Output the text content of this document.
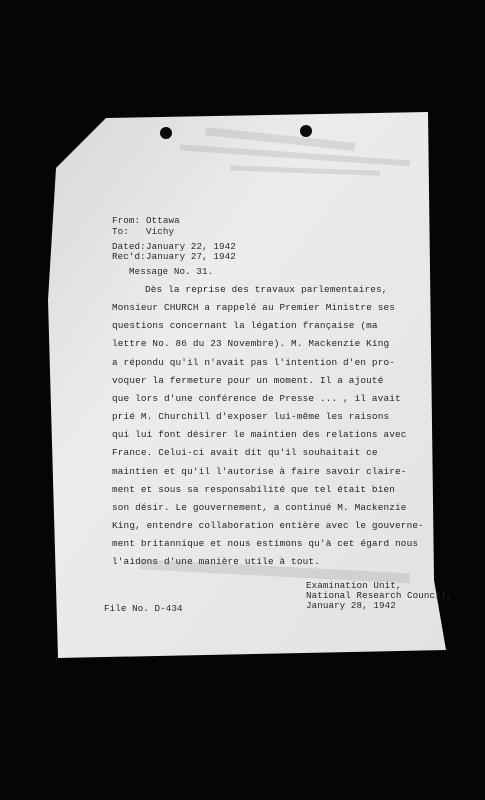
From: Ottawa
To: Vichy
Dated: January 22, 1942
Rec'd: January 27, 1942
Message No. 31.
Dès la reprise des travaux parlementaires,
Monsieur CHURCH a rappelé au Premier Ministre ses
questions concernant la légation française (ma
lettre No. 86 du 23 Novembre). M. Mackenzie King
a répondu qu'il n'avait pas l'intention d'en pro-
voquer la fermeture pour un moment. Il a ajouté
que lors d'une conférence de Presse ... , il avait
prié M. Churchill d'exposer lui-même les raisons
qui lui font désirer le maintien des relations avec
France. Celui-ci avait dit qu'il souhaitait ce
maintien et qu'il l'autorise à faire savoir claire-
ment et sous sa responsabilité que tel était bien
son désir. Le gouvernement, a continué M. Mackenzie
King, entendre collaboration entière avec le gouverne-
ment britannique et nous estimons qu'à cet égard nous
l'aidons d'une manière utile à tout.
File No. D-434
Examination Unit,
National Research Council,
January 28, 1942
